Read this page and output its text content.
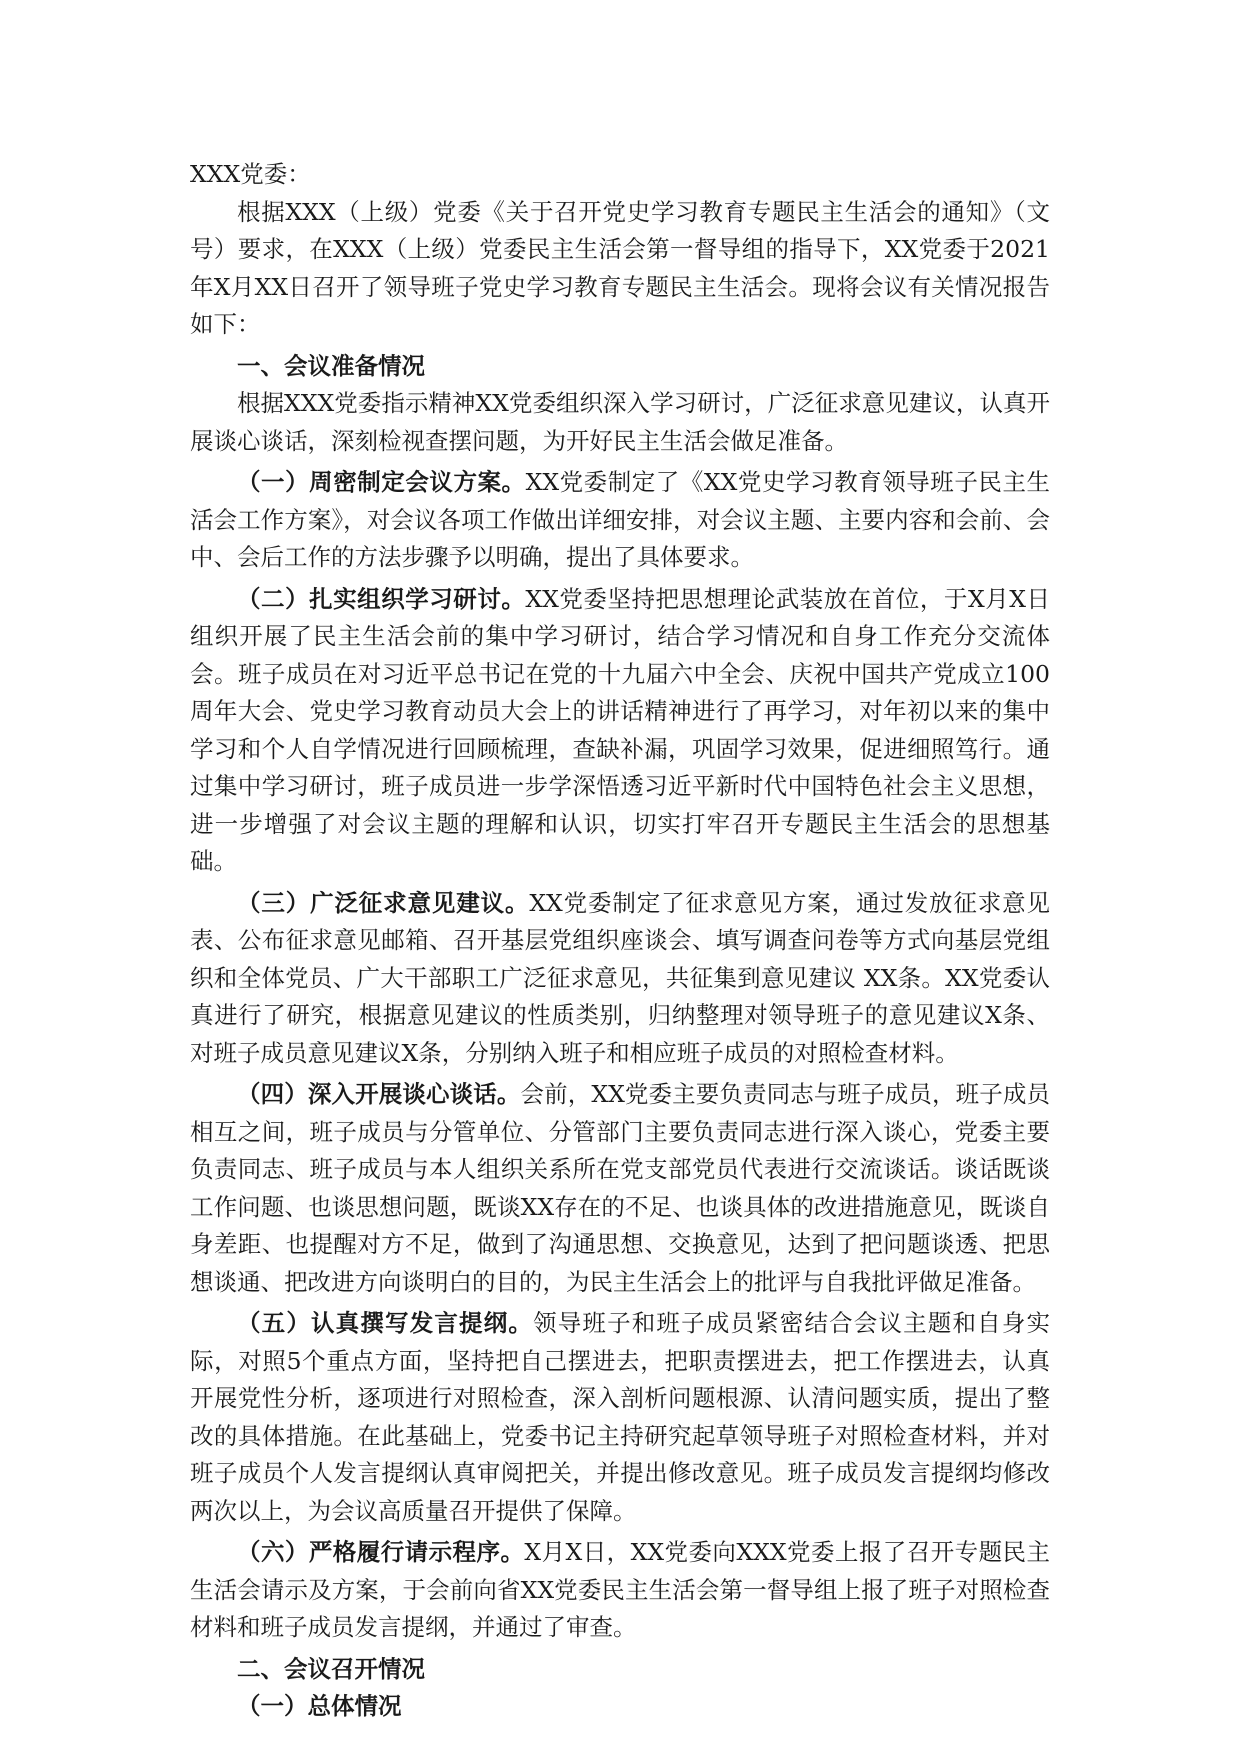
XXX党委：

根据XXX（上级）党委《关于召开党史学习教育专题民主生活会的通知》（文号）要求，在XXX（上级）党委民主生活会第一督导组的指导下，XX党委于2021年X月XX日召开了领导班子党史学习教育专题民主生活会。现将会议有关情况报告如下：

一、会议准备情况

根据XXX党委指示精神XX党委组织深入学习研讨，广泛征求意见建议，认真开展谈心谈话，深刻检视查摆问题，为开好民主生活会做足准备。

（一）周密制定会议方案。XX党委制定了《XX党史学习教育领导班子民主生活会工作方案》，对会议各项工作做出详细安排，对会议主题、主要内容和会前、会中、会后工作的方法步骤予以明确，提出了具体要求。

（二）扎实组织学习研讨。XX党委坚持把思想理论武装放在首位，于X月X日组织开展了民主生活会前的集中学习研讨，结合学习情况和自身工作充分交流体会。班子成员在对习近平总书记在党的十九届六中全会、庆祝中国共产党成立100周年大会、党史学习教育动员大会上的讲话精神进行了再学习，对年初以来的集中学习和个人自学情况进行回顾梳理，查缺补漏，巩固学习效果，促进细照笃行。通过集中学习研讨，班子成员进一步学深悟透习近平新时代中国特色社会主义思想，进一步增强了对会议主题的理解和认识，切实打牢召开专题民主生活会的思想基础。

（三）广泛征求意见建议。XX党委制定了征求意见方案，通过发放征求意见表、公布征求意见邮箱、召开基层党组织座谈会、填写调查问卷等方式向基层党组织和全体党员、广大干部职工广泛征求意见，共征集到意见建议 XX条。XX党委认真进行了研究，根据意见建议的性质类别，归纳整理对领导班子的意见建议X条、对班子成员意见建议X条，分别纳入班子和相应班子成员的对照检查材料。

（四）深入开展谈心谈话。会前，XX党委主要负责同志与班子成员，班子成员相互之间，班子成员与分管单位、分管部门主要负责同志进行深入谈心，党委主要负责同志、班子成员与本人组织关系所在党支部党员代表进行交流谈话。谈话既谈工作问题、也谈思想问题，既谈XX存在的不足、也谈具体的改进措施意见，既谈自身差距、也提醒对方不足，做到了沟通思想、交换意见，达到了把问题谈透、把思想谈通、把改进方向谈明白的目的，为民主生活会上的批评与自我批评做足准备。

（五）认真撰写发言提纲。领导班子和班子成员紧密结合会议主题和自身实际，对照5个重点方面，坚持把自己摆进去，把职责摆进去，把工作摆进去，认真开展党性分析，逐项进行对照检查，深入剖析问题根源、认清问题实质，提出了整改的具体措施。在此基础上，党委书记主持研究起草领导班子对照检查材料，并对班子成员个人发言提纲认真审阅把关，并提出修改意见。班子成员发言提纲均修改两次以上，为会议高质量召开提供了保障。

（六）严格履行请示程序。X月X日，XX党委向XXX党委上报了召开专题民主生活会请示及方案，于会前向省XX党委民主生活会第一督导组上报了班子对照检查材料和班子成员发言提纲，并通过了审查。

二、会议召开情况

（一）总体情况
